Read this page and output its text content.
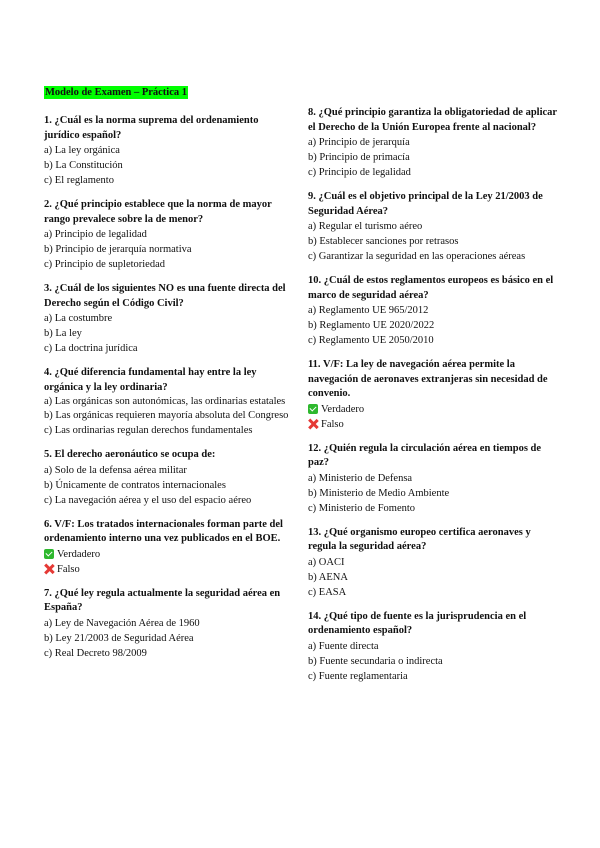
Modelo de Examen – Práctica 1
1. ¿Cuál es la norma suprema del ordenamiento jurídico español?
a) La ley orgánica
b) La Constitución
c) El reglamento
2. ¿Qué principio establece que la norma de mayor rango prevalece sobre la de menor?
a) Principio de legalidad
b) Principio de jerarquía normativa
c) Principio de supletoriedad
3. ¿Cuál de los siguientes NO es una fuente directa del Derecho según el Código Civil?
a) La costumbre
b) La ley
c) La doctrina jurídica
4. ¿Qué diferencia fundamental hay entre la ley orgánica y la ley ordinaria?
a) Las orgánicas son autonómicas, las ordinarias estatales
b) Las orgánicas requieren mayoría absoluta del Congreso
c) Las ordinarias regulan derechos fundamentales
5. El derecho aeronáutico se ocupa de:
a) Solo de la defensa aérea militar
b) Únicamente de contratos internacionales
c) La navegación aérea y el uso del espacio aéreo
6. V/F: Los tratados internacionales forman parte del ordenamiento interno una vez publicados en el BOE.
Verdadero
Falso
7. ¿Qué ley regula actualmente la seguridad aérea en España?
a) Ley de Navegación Aérea de 1960
b) Ley 21/2003 de Seguridad Aérea
c) Real Decreto 98/2009
8. ¿Qué principio garantiza la obligatoriedad de aplicar el Derecho de la Unión Europea frente al nacional?
a) Principio de jerarquía
b) Principio de primacía
c) Principio de legalidad
9. ¿Cuál es el objetivo principal de la Ley 21/2003 de Seguridad Aérea?
a) Regular el turismo aéreo
b) Establecer sanciones por retrasos
c) Garantizar la seguridad en las operaciones aéreas
10. ¿Cuál de estos reglamentos europeos es básico en el marco de seguridad aérea?
a) Reglamento UE 965/2012
b) Reglamento UE 2020/2022
c) Reglamento UE 2050/2010
11. V/F: La ley de navegación aérea permite la navegación de aeronaves extranjeras sin necesidad de convenio.
Verdadero
Falso
12. ¿Quién regula la circulación aérea en tiempos de paz?
a) Ministerio de Defensa
b) Ministerio de Medio Ambiente
c) Ministerio de Fomento
13. ¿Qué organismo europeo certifica aeronaves y regula la seguridad aérea?
a) OACI
b) AENA
c) EASA
14. ¿Qué tipo de fuente es la jurisprudencia en el ordenamiento español?
a) Fuente directa
b) Fuente secundaria o indirecta
c) Fuente reglamentaria
